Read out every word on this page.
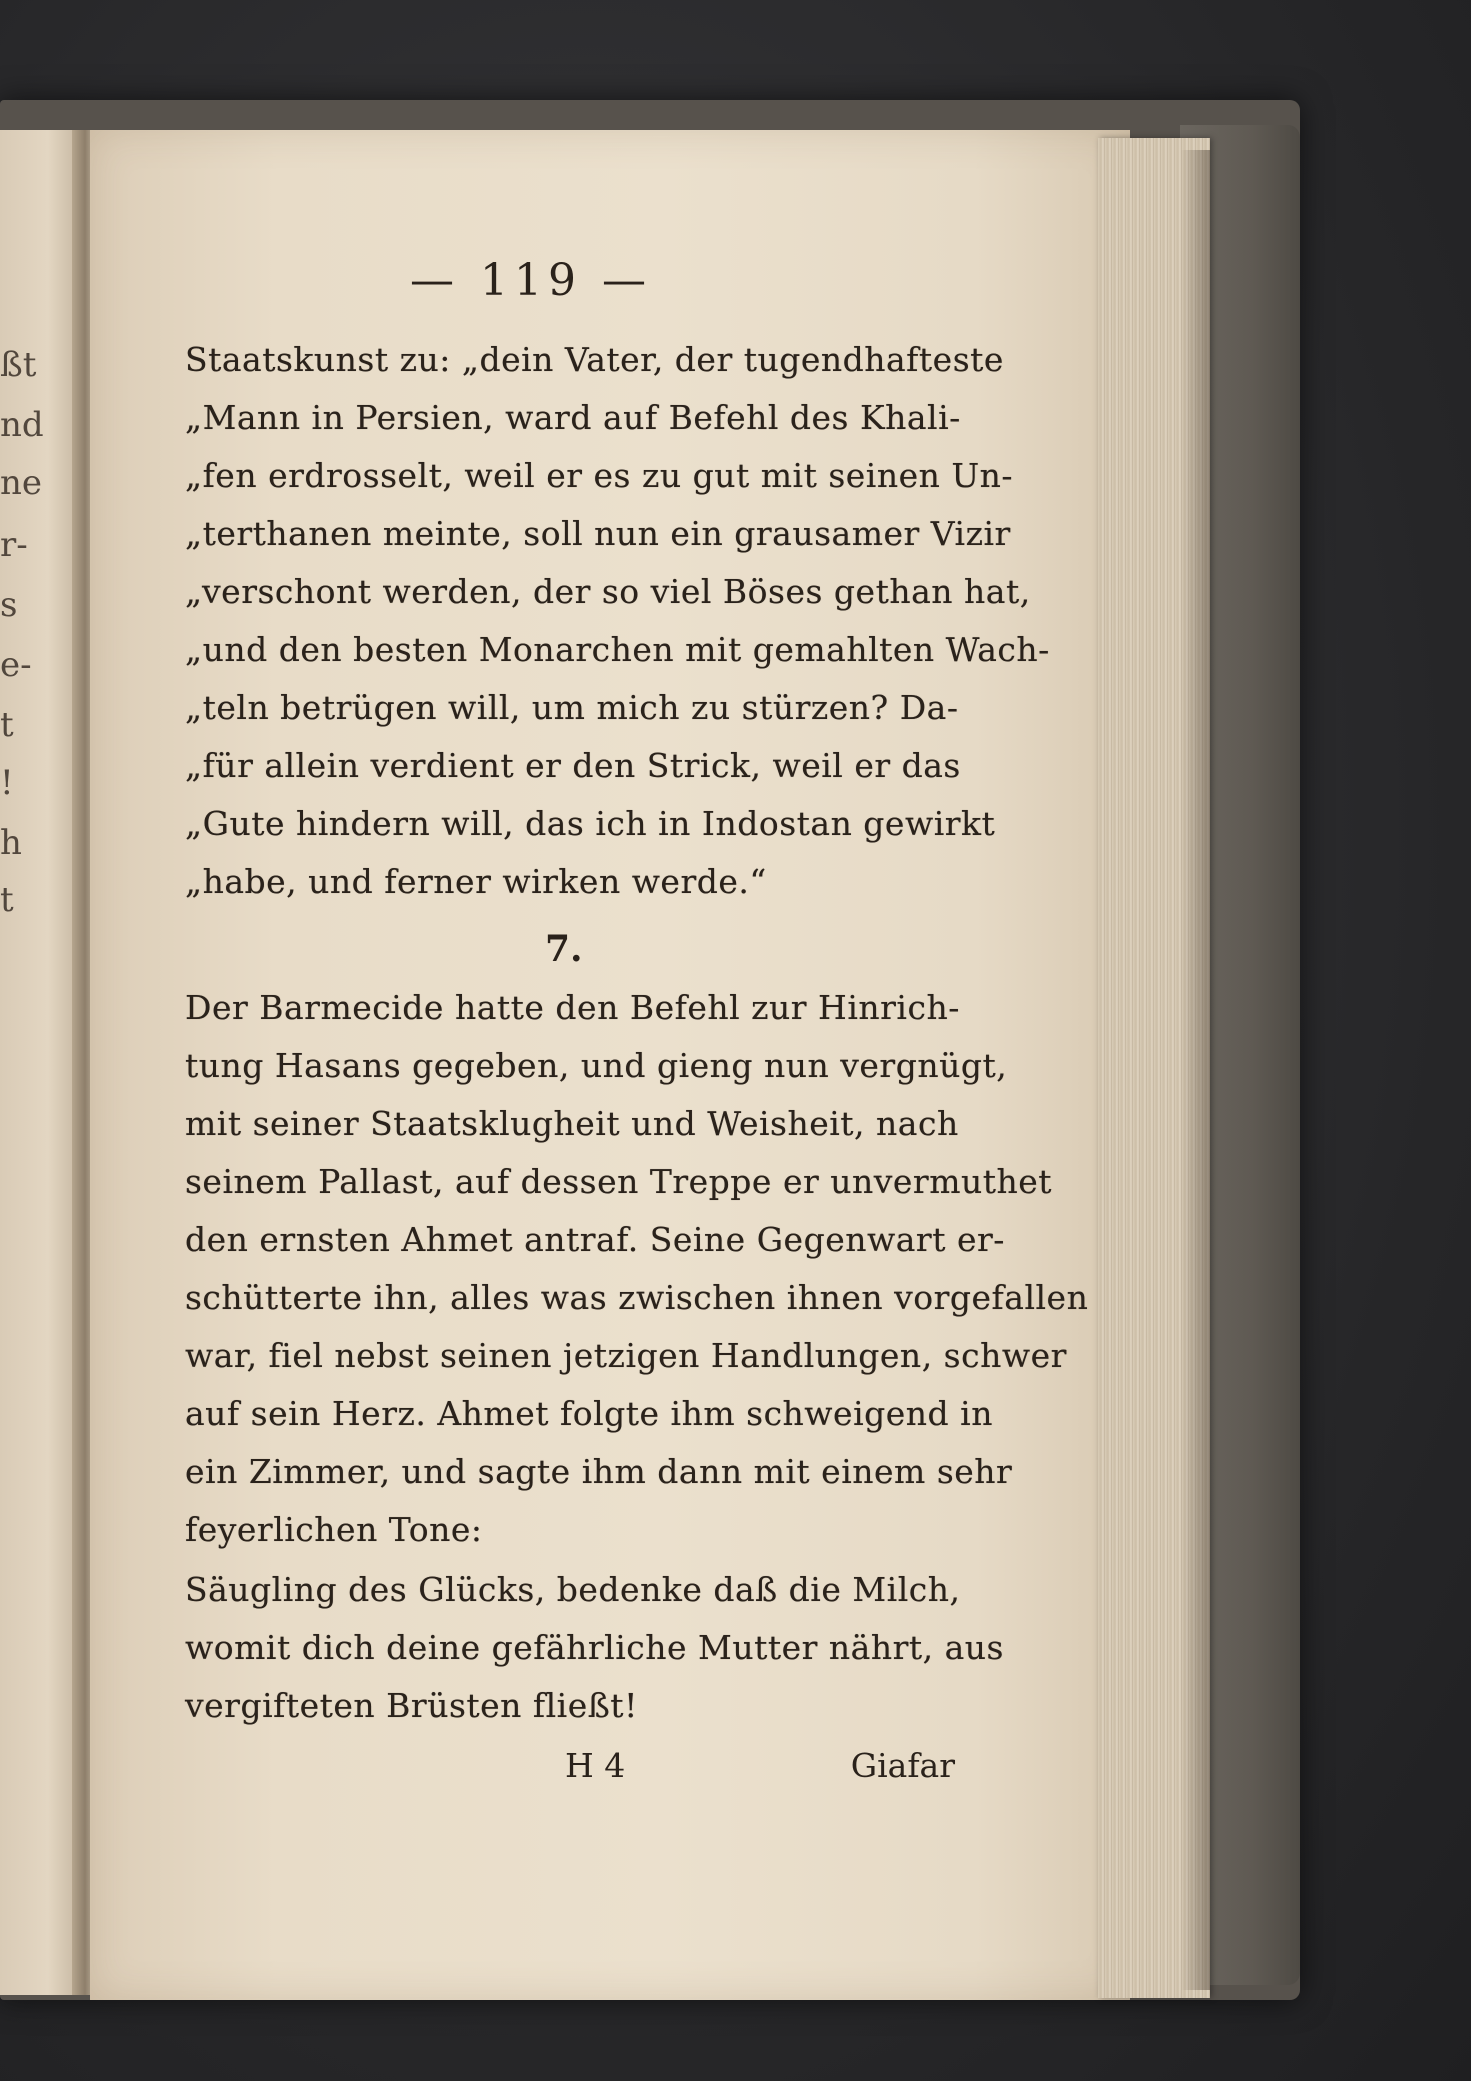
ßt
nd
ne
r-
s
e-
t
!
h
t
— 119 —
Staatskunst zu: „dein Vater, der tugendhafteste
„Mann in Persien, ward auf Befehl des Khali-
„fen erdrosselt, weil er es zu gut mit seinen Un-
„terthanen meinte, soll nun ein grausamer Vizir
„verschont werden, der so viel Böses gethan hat,
„und den besten Monarchen mit gemahlten Wach-
„teln betrügen will, um mich zu stürzen? Da-
„für allein verdient er den Strick, weil er das
„Gute hindern will, das ich in Indostan gewirkt
„habe, und ferner wirken werde.“
7.
Der Barmecide hatte den Befehl zur Hinrich-
tung Hasans gegeben, und gieng nun vergnügt,
mit seiner Staatsklugheit und Weisheit, nach
seinem Pallast, auf dessen Treppe er unvermuthet
den ernsten Ahmet antraf. Seine Gegenwart er-
schütterte ihn, alles was zwischen ihnen vorgefallen
war, fiel nebst seinen jetzigen Handlungen, schwer
auf sein Herz. Ahmet folgte ihm schweigend in
ein Zimmer, und sagte ihm dann mit einem sehr
feyerlichen Tone:
Säugling des Glücks, bedenke daß die Milch,
womit dich deine gefährliche Mutter nährt, aus
vergifteten Brüsten fließt!
H 4	Giafar
